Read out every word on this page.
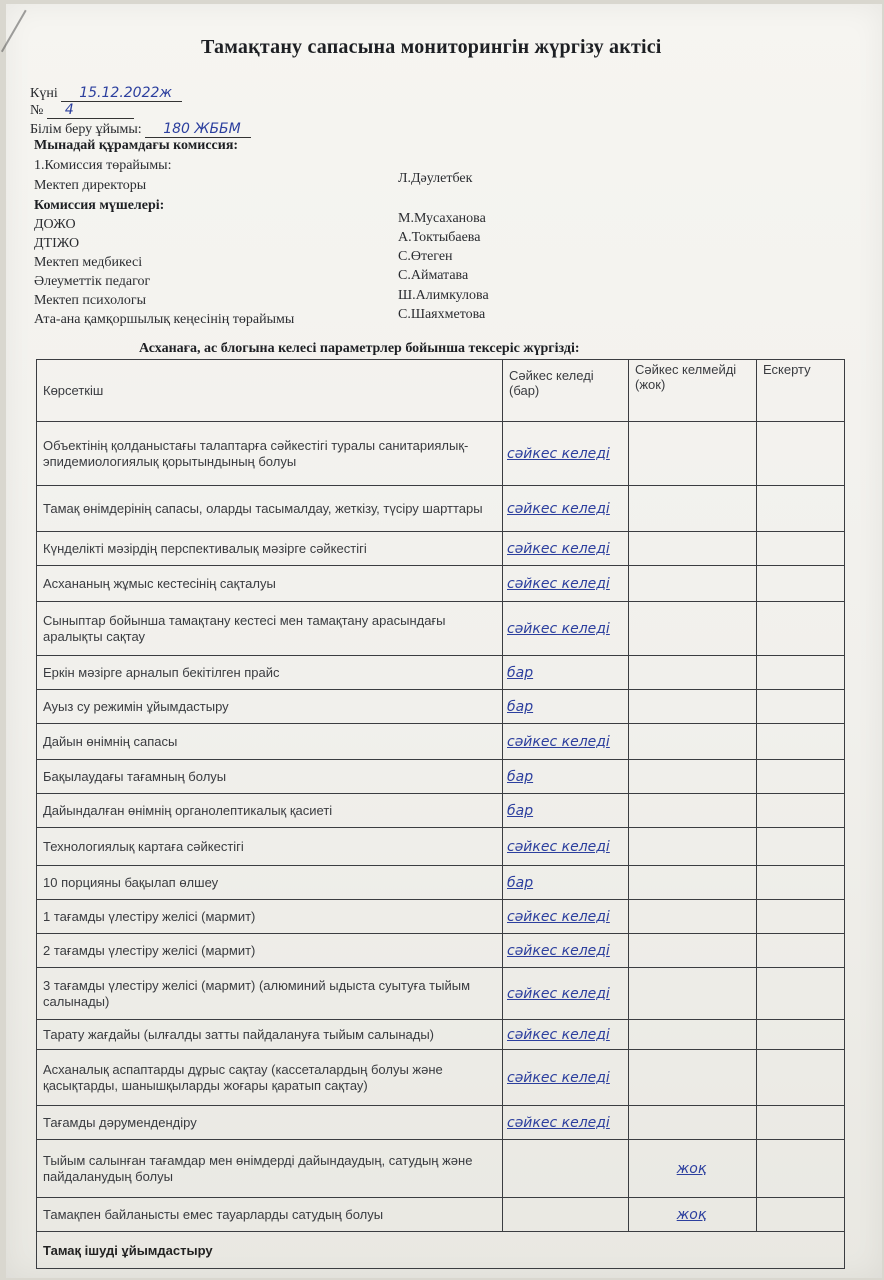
Тамақтану сапасына мониторингін жүргізу актісі
Күні 15.12.2022ж
№ 4
Білім беру ұйымы: 180 ЖББМ
Мынадай құрамдағы комиссия:
1.Комиссия төрайымы:
Мектеп директоры	Л.Дәулетбек
Комиссия мүшелері:
ДОЖО	М.Мусаханова
ДТІЖО	А.Токтыбаева
Мектеп медбикесі	С.Өтеген
Әлеуметтік педагог	С.Айматава
Мектеп психологы	Ш.Алимкулова
Ата-ана қамқоршылық кеңесінің төрайымы	С.Шаяхметова
Асханаға, ас блогына келесі параметрлер бойынша тексеріс жүргізді:
Көрсеткіш	Сәйкес келеді (бар)	Сәйкес келмейді (жок)	Ескерту
Объектінің қолданыстағы талаптарға сәйкестігі туралы санитариялық-эпидемиологиялық қорытындының болуы	сәйкес келеді		
Тамақ өнімдерінің сапасы, оларды тасымалдау, жеткізу, түсіру шарттары	сәйкес келеді		
Күнделікті мәзірдің перспективалық мәзірге сәйкестігі	сәйкес келеді		
Асхананың жұмыс кестесінің сақталуы	сәйкес келеді		
Сыныптар бойынша тамақтану кестесі мен тамақтану арасындағы аралықты сақтау	сәйкес келеді		
Еркін мәзірге арналып бекітілген прайс	бар		
Ауыз су режимін ұйымдастыру	бар		
Дайын өнімнің сапасы	сәйкес келеді		
Бақылаудағы тағамның болуы	бар		
Дайындалған өнімнің органолептикалық қасиеті	бар		
Технологиялық картаға сәйкестігі	сәйкес келеді		
10 порцияны бақылап өлшеу	бар		
1 тағамды үлестіру желісі (мармит)	сәйкес келеді		
2 тағамды үлестіру желісі (мармит)	сәйкес келеді		
3 тағамды үлестіру желісі (мармит) (алюминий ыдыста суытуға тыйым салынады)	сәйкес келеді		
Тарату жағдайы (ылғалды затты пайдалануға тыйым салынады)	сәйкес келеді		
Асханалық аспаптарды дұрыс сақтау (кассеталардың болуы және қасықтарды, шанышқыларды жоғары қаратып сақтау)	сәйкес келеді		
Тағамды дәрумендендіру	сәйкес келеді		
Тыйым салынған тағамдар мен өнімдерді дайындаудың, сатудың және пайдаланудың болуы		жоқ	
Тамақпен байланысты емес тауарларды сатудың болуы		жоқ	
Тамақ ішуді ұйымдастыру			
